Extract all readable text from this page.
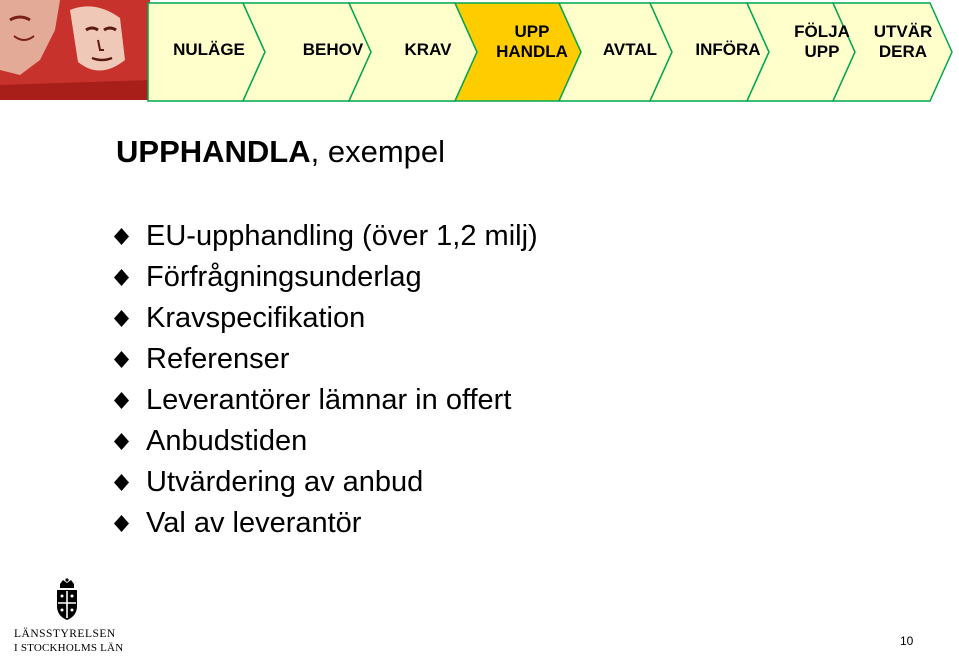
NULÄGE	BEHOV	KRAV
UPP
HANDLA	AVTAL	INFÖRA
FÖLJA
UPP
UTVÄR
DERA
UPPHANDLA, exempel
EU-upphandling (över 1,2 milj)
Förfrågningsunderlag
Kravspecifikation
Referenser
Leverantörer lämnar in offert
Anbudstiden
Utvärdering av anbud
Val av leverantör
LÄNSSTYRELSEN
I STOCKHOLMS LÄN	10
